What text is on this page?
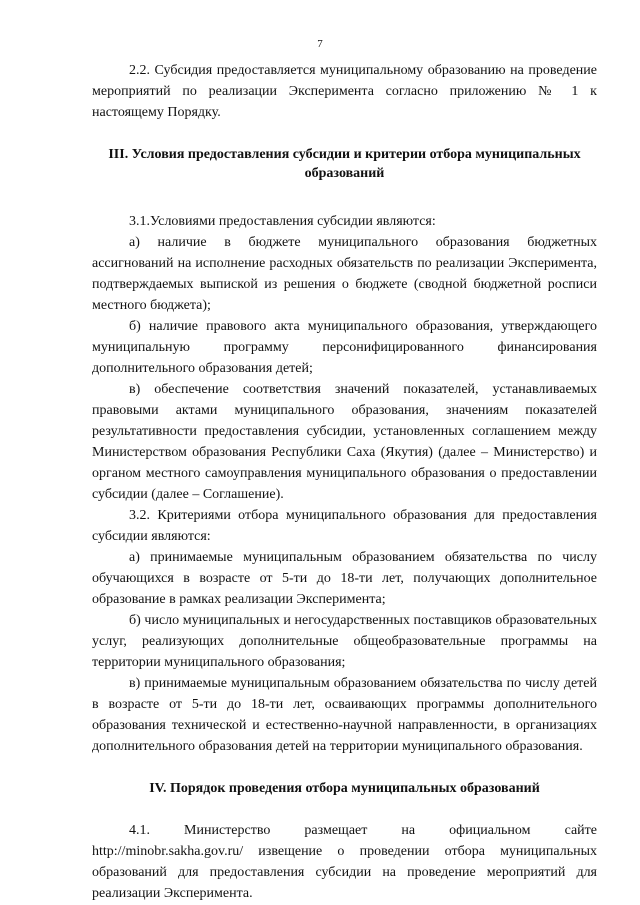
7

2.2. Субсидия предоставляется муниципальному образованию на проведение мероприятий по реализации Эксперимента согласно приложению № 1 к настоящему Порядку.

III. Условия предоставления субсидии и критерии отбора муниципальных образований

3.1.Условиями предоставления субсидии являются:

а) наличие в бюджете муниципального образования бюджетных ассигнований на исполнение расходных обязательств по реализации Эксперимента, подтверждаемых выпиской из решения о бюджете (сводной бюджетной росписи местного бюджета);

б) наличие правового акта муниципального образования, утверждающего муниципальную программу персонифицированного финансирования дополнительного образования детей;

в) обеспечение соответствия значений показателей, устанавливаемых правовыми актами муниципального образования, значениям показателей результативности предоставления субсидии, установленных соглашением между Министерством образования Республики Саха (Якутия) (далее – Министерство) и органом местного самоуправления муниципального образования о предоставлении субсидии (далее – Соглашение).

3.2. Критериями отбора муниципального образования для предоставления субсидии являются:

а) принимаемые муниципальным образованием обязательства по числу обучающихся в возрасте от 5-ти до 18-ти лет, получающих дополнительное образование в рамках реализации Эксперимента;

б) число муниципальных и негосударственных поставщиков образовательных услуг, реализующих дополнительные общеобразовательные программы на территории муниципального образования;

в) принимаемые муниципальным образованием обязательства по числу детей в возрасте от 5-ти до 18-ти лет, осваивающих программы дополнительного образования технической и естественно-научной направленности, в организациях дополнительного образования детей на территории муниципального образования.

IV. Порядок проведения отбора муниципальных образований

4.1. Министерство размещает на официальном сайте http://minobr.sakha.gov.ru/ извещение о проведении отбора муниципальных образований для предоставления субсидии на проведение мероприятий для реализации Эксперимента.
